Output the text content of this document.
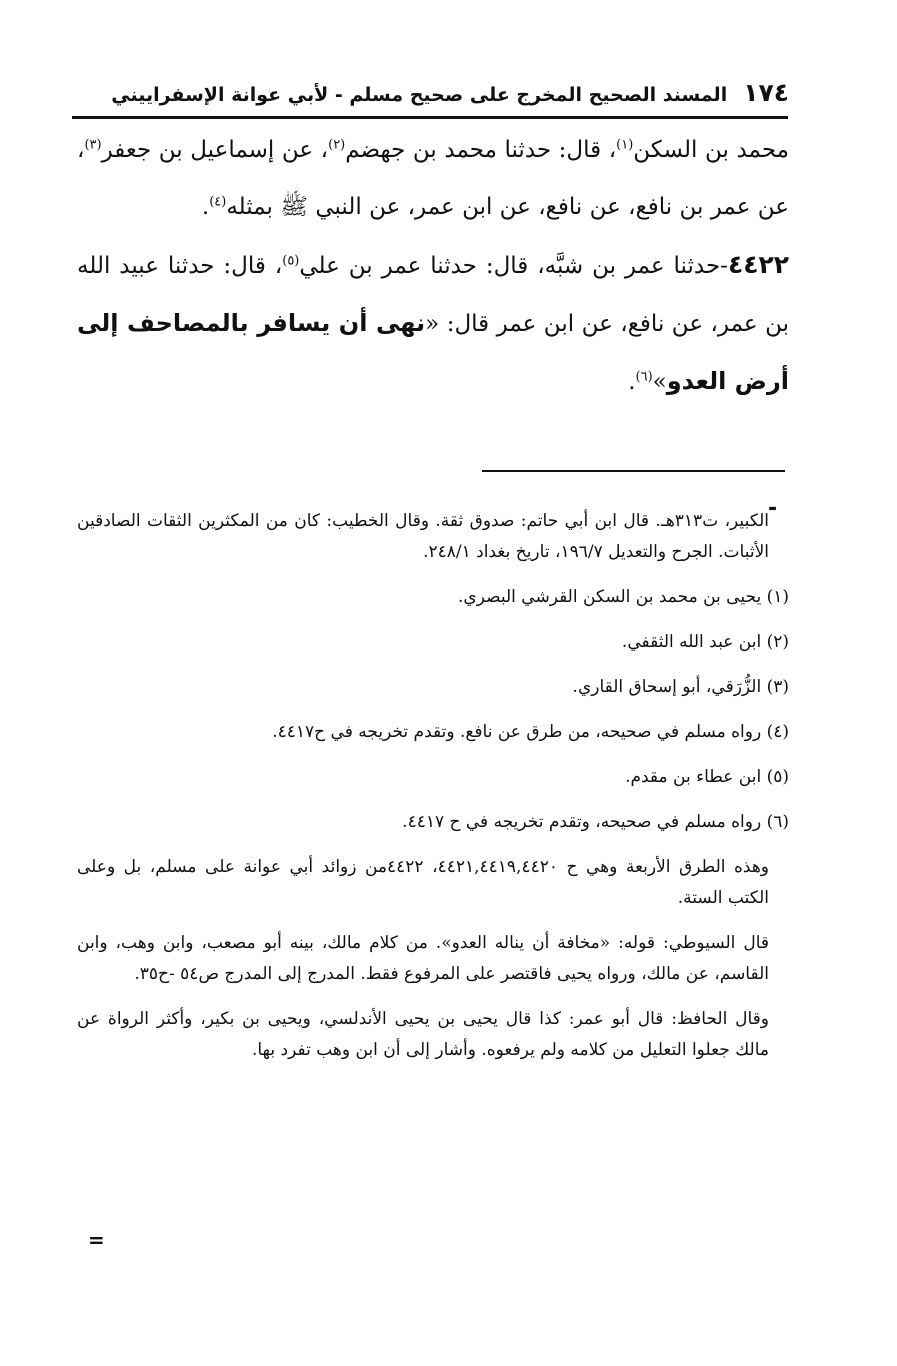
١٧٤
المسند الصحيح المخرج على صحيح مسلم - لأبي عوانة الإسفراييني

محمد بن السكن$^{(١)}$، قال: حدثنا محمد بن جهضم$^{(٢)}$، عن إسماعيل بن جعفر$^{(٣)}$، عن عمر بن نافع، عن نافع، عن ابن عمر، عن النبي ﷺ بمثله$^{(٤)}$.

٤٤٢٢-حدثنا عمر بن شبَّه، قال: حدثنا عمر بن علي$^{(٥)}$، قال: حدثنا عبيد الله بن عمر، عن نافع، عن ابن عمر قال: «نهى أن يسافر بالمصاحف إلى أرض العدو»$^{(٦)}$.

-

الكبير، ت٣١٣هـ. قال ابن أبي حاتم: صدوق ثقة. وقال الخطيب: كان من المكثرين الثقات الصادقين الأثبات. الجرح والتعديل ١٩٦/٧، تاريخ بغداد ٢٤٨/١.

(١) يحيى بن محمد بن السكن القرشي البصري.

(٢) ابن عبد الله الثقفي.

(٣) الزُّرَقي، أبو إسحاق القاري.

(٤) رواه مسلم في صحيحه، من طرق عن نافع. وتقدم تخريجه في ح٤٤١٧.

(٥) ابن عطاء بن مقدم.

(٦) رواه مسلم في صحيحه، وتقدم تخريجه في ح ٤٤١٧.

وهذه الطرق الأربعة وهي ح ٤٤٢١,٤٤١٩,٤٤٢٠، ٤٤٢٢من زوائد أبي عوانة على مسلم، بل وعلى الكتب الستة.

قال السيوطي: قوله: «مخافة أن يناله العدو». من كلام مالك، بينه أبو مصعب، وابن وهب، وابن القاسم، عن مالك، ورواه يحيى فاقتصر على المرفوع فقط. المدرج إلى المدرج ص٥٤ -ح٣٥.

وقال الحافظ: قال أبو عمر: كذا قال يحيى بن يحيى الأندلسي، ويحيى بن بكير، وأكثر الرواة عن مالك جعلوا التعليل من كلامه ولم يرفعوه. وأشار إلى أن ابن وهب تفرد بها.

=
